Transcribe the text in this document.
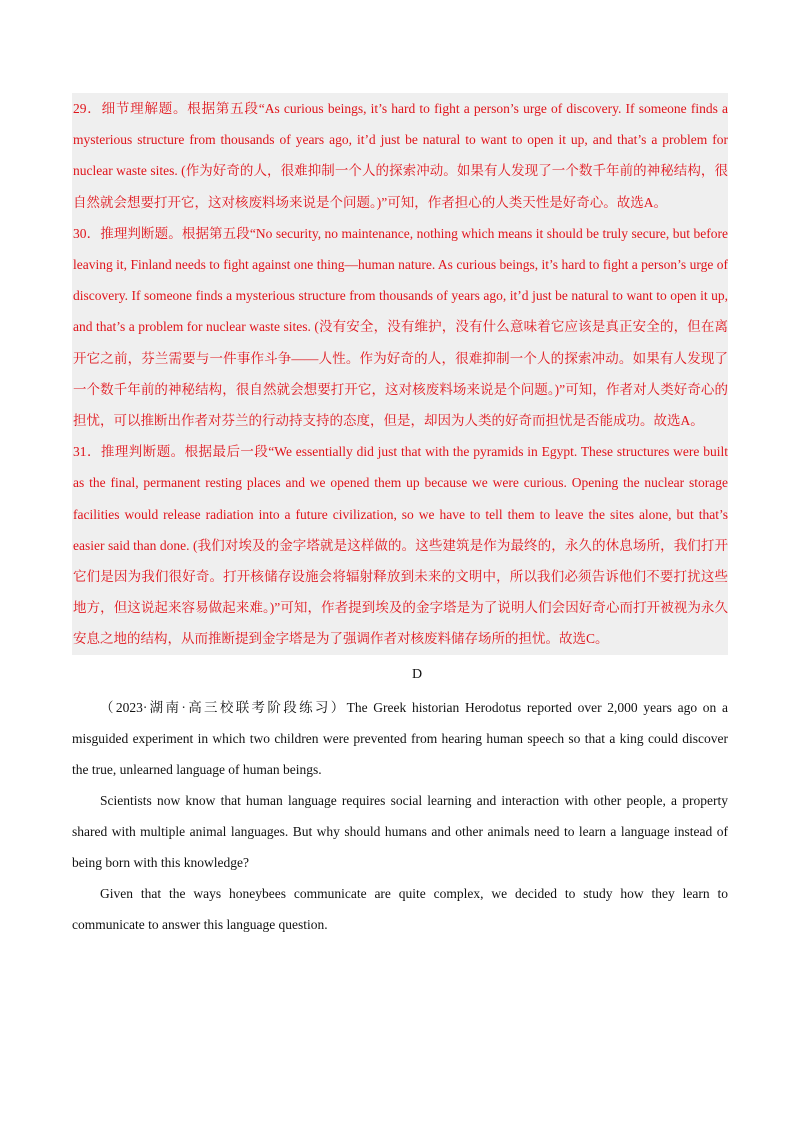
29．细节理解题。根据第五段“As curious beings, it’s hard to fight a person’s urge of discovery. If someone finds a mysterious structure from thousands of years ago, it’d just be natural to want to open it up, and that’s a problem for nuclear waste sites. (作为好奇的人，很难抑制一个人的探索冲动。如果有人发现了一个数千年前的神秘结构，很自然就会想要打开它，这对核废料场来说是个问题。)”可知，作者担心的人类天性是好奇心。故选A。

30．推理判断题。根据第五段“No security, no maintenance, nothing which means it should be truly secure, but before leaving it, Finland needs to fight against one thing—human nature. As curious beings, it’s hard to fight a person’s urge of discovery. If someone finds a mysterious structure from thousands of years ago, it’d just be natural to want to open it up, and that’s a problem for nuclear waste sites. (没有安全，没有维护，没有什么意味着它应该是真正安全的，但在离开它之前，芬兰需要与一件事作斗争——人性。作为好奇的人，很难抑制一个人的探索冲动。如果有人发现了一个数千年前的神秘结构，很自然就会想要打开它，这对核废料场来说是个问题。)”可知，作者对人类好奇心的担忧，可以推断出作者对芬兰的行动持支持的态度，但是，却因为人类的好奇而担忧是否能成功。故选A。

31．推理判断题。根据最后一段“We essentially did just that with the pyramids in Egypt. These structures were built as the final, permanent resting places and we opened them up because we were curious. Opening the nuclear storage facilities would release radiation into a future civilization, so we have to tell them to leave the sites alone, but that’s easier said than done. (我们对埃及的金字塔就是这样做的。这些建筑是作为最终的，永久的休息场所，我们打开它们是因为我们很好奇。打开核储存设施会将辐射释放到未来的文明中，所以我们必须告诉他们不要打扰这些地方，但这说起来容易做起来难。)”可知，作者提到埃及的金字塔是为了说明人们会因好奇心而打开被视为永久安息之地的结构，从而推断提到金字塔是为了强调作者对核废料储存场所的担忧。故选C。

D

（2023·湖南·高三校联考阶段练习）The Greek historian Herodotus reported over 2,000 years ago on a misguided experiment in which two children were prevented from hearing human speech so that a king could discover the true, unlearned language of human beings.

Scientists now know that human language requires social learning and interaction with other people, a property shared with multiple animal languages. But why should humans and other animals need to learn a language instead of being born with this knowledge?

Given that the ways honeybees communicate are quite complex, we decided to study how they learn to communicate to answer this language question.
